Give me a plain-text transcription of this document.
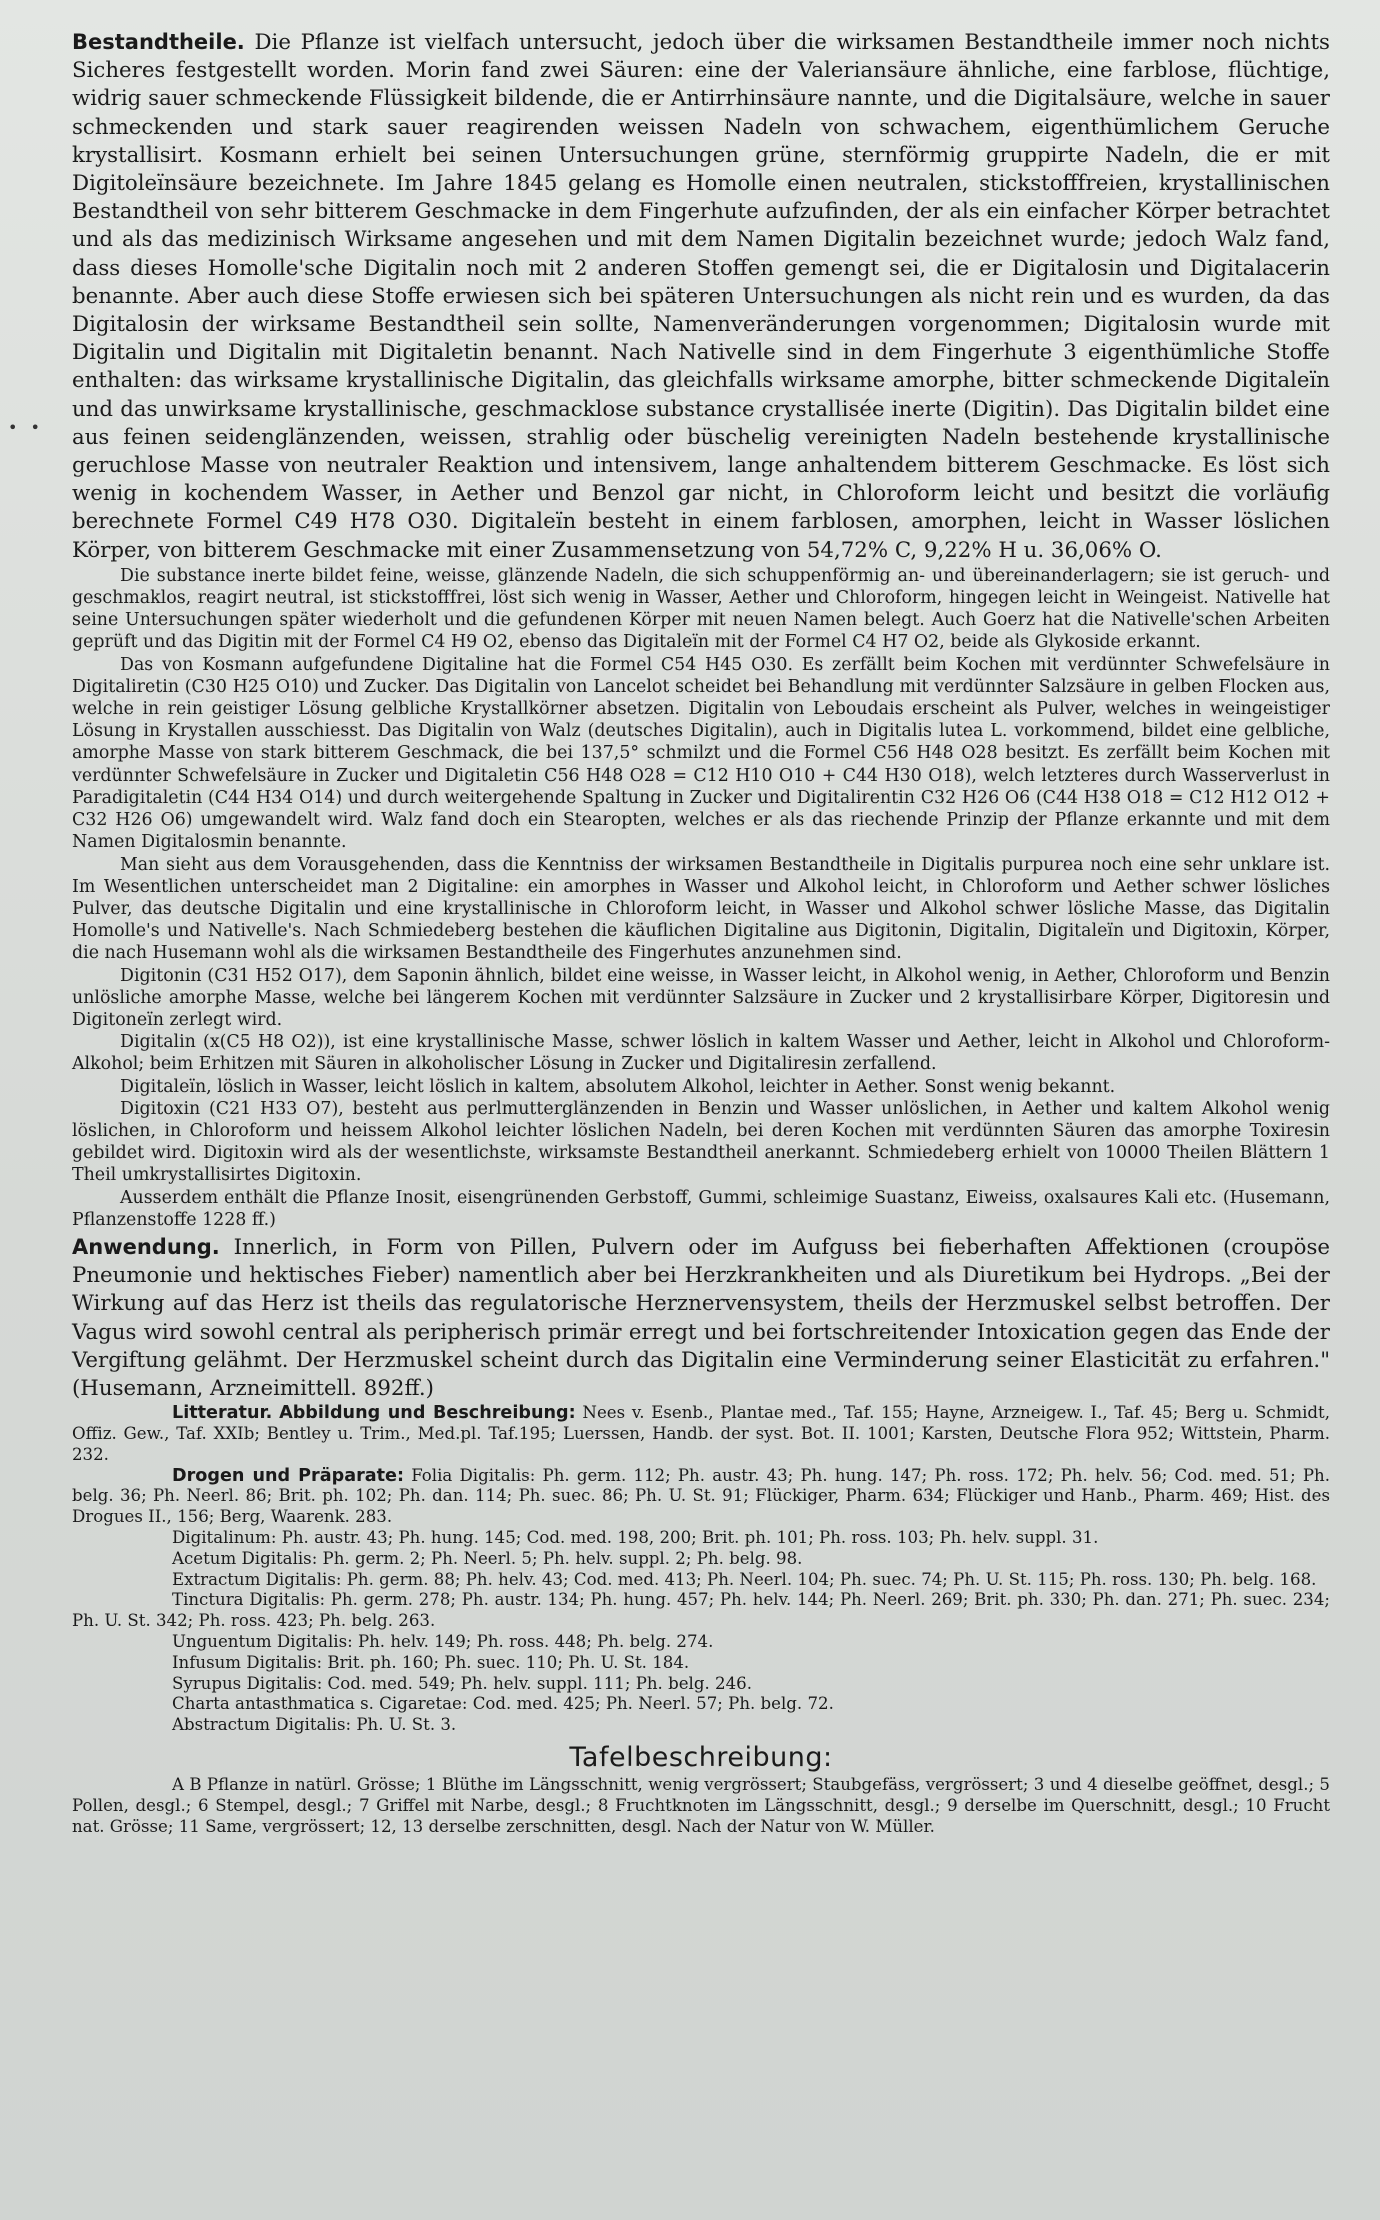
• •

Bestandtheile. Die Pflanze ist vielfach untersucht, jedoch über die wirksamen Bestandtheile immer noch nichts Sicheres festgestellt worden. Morin fand zwei Säuren: eine der Valeriansäure ähnliche, eine farblose, flüchtige, widrig sauer schmeckende Flüssigkeit bildende, die er Antirrhinsäure nannte, und die Digitalsäure, welche in sauer schmeckenden und stark sauer reagirenden weissen Nadeln von schwachem, eigenthümlichem Geruche krystallisirt. Kosmann erhielt bei seinen Untersuchungen grüne, sternförmig gruppirte Nadeln, die er mit Digitoleïnsäure bezeichnete. Im Jahre 1845 gelang es Homolle einen neutralen, stickstofffreien, krystallinischen Bestandtheil von sehr bitterem Geschmacke in dem Fingerhute aufzufinden, der als ein einfacher Körper betrachtet und als das medizinisch Wirksame angesehen und mit dem Namen Digitalin bezeichnet wurde; jedoch Walz fand, dass dieses Homolle'sche Digitalin noch mit 2 anderen Stoffen gemengt sei, die er Digitalosin und Digitalacerin benannte. Aber auch diese Stoffe erwiesen sich bei späteren Untersuchungen als nicht rein und es wurden, da das Digitalosin der wirksame Bestandtheil sein sollte, Namenveränderungen vorgenommen; Digitalosin wurde mit Digitalin und Digitalin mit Digitaletin benannt. Nach Nativelle sind in dem Fingerhute 3 eigenthümliche Stoffe enthalten: das wirksame krystallinische Digitalin, das gleichfalls wirksame amorphe, bitter schmeckende Digitaleïn und das unwirksame krystallinische, geschmacklose substance crystallisée inerte (Digitin). Das Digitalin bildet eine aus feinen seidenglänzenden, weissen, strahlig oder büschelig vereinigten Nadeln bestehende krystallinische geruchlose Masse von neutraler Reaktion und intensivem, lange anhaltendem bitterem Geschmacke. Es löst sich wenig in kochendem Wasser, in Aether und Benzol gar nicht, in Chloroform leicht und besitzt die vorläufig berechnete Formel C49 H78 O30. Digitaleïn besteht in einem farblosen, amorphen, leicht in Wasser löslichen Körper, von bitterem Geschmacke mit einer Zusammensetzung von 54,72% C, 9,22% H u. 36,06% O.

Die substance inerte bildet feine, weisse, glänzende Nadeln, die sich schuppenförmig an- und übereinanderlagern; sie ist geruch- und geschmaklos, reagirt neutral, ist stickstofffrei, löst sich wenig in Wasser, Aether und Chloroform, hingegen leicht in Weingeist. Nativelle hat seine Untersuchungen später wiederholt und die gefundenen Körper mit neuen Namen belegt. Auch Goerz hat die Nativelle'schen Arbeiten geprüft und das Digitin mit der Formel C4 H9 O2, ebenso das Digitaleïn mit der Formel C4 H7 O2, beide als Glykoside erkannt.

Das von Kosmann aufgefundene Digitaline hat die Formel C54 H45 O30. Es zerfällt beim Kochen mit verdünnter Schwefelsäure in Digitaliretin (C30 H25 O10) und Zucker. Das Digitalin von Lancelot scheidet bei Behandlung mit verdünnter Salzsäure in gelben Flocken aus, welche in rein geistiger Lösung gelbliche Krystallkörner absetzen. Digitalin von Leboudais erscheint als Pulver, welches in weingeistiger Lösung in Krystallen ausschiesst. Das Digitalin von Walz (deutsches Digitalin), auch in Digitalis lutea L. vorkommend, bildet eine gelbliche, amorphe Masse von stark bitterem Geschmack, die bei 137,5° schmilzt und die Formel C56 H48 O28 besitzt. Es zerfällt beim Kochen mit verdünnter Schwefelsäure in Zucker und Digitaletin C56 H48 O28 = C12 H10 O10 + C44 H30 O18), welch letzteres durch Wasserverlust in Paradigitaletin (C44 H34 O14) und durch weitergehende Spaltung in Zucker und Digitalirentin C32 H26 O6 (C44 H38 O18 = C12 H12 O12 + C32 H26 O6) umgewandelt wird. Walz fand doch ein Stearopten, welches er als das riechende Prinzip der Pflanze erkannte und mit dem Namen Digitalosmin benannte.

Man sieht aus dem Vorausgehenden, dass die Kenntniss der wirksamen Bestandtheile in Digitalis purpurea noch eine sehr unklare ist. Im Wesentlichen unterscheidet man 2 Digitaline: ein amorphes in Wasser und Alkohol leicht, in Chloroform und Aether schwer lösliches Pulver, das deutsche Digitalin und eine krystallinische in Chloroform leicht, in Wasser und Alkohol schwer lösliche Masse, das Digitalin Homolle's und Nativelle's. Nach Schmiedeberg bestehen die käuflichen Digitaline aus Digitonin, Digitalin, Digitaleïn und Digitoxin, Körper, die nach Husemann wohl als die wirksamen Bestandtheile des Fingerhutes anzunehmen sind.

Digitonin (C31 H52 O17), dem Saponin ähnlich, bildet eine weisse, in Wasser leicht, in Alkohol wenig, in Aether, Chloroform und Benzin unlösliche amorphe Masse, welche bei längerem Kochen mit verdünnter Salzsäure in Zucker und 2 krystallisirbare Körper, Digitoresin und Digitoneïn zerlegt wird.

Digitalin (x(C5 H8 O2)), ist eine krystallinische Masse, schwer löslich in kaltem Wasser und Aether, leicht in Alkohol und Chloroform-Alkohol; beim Erhitzen mit Säuren in alkoholischer Lösung in Zucker und Digitaliresin zerfallend.

Digitaleïn, löslich in Wasser, leicht löslich in kaltem, absolutem Alkohol, leichter in Aether. Sonst wenig bekannt.

Digitoxin (C21 H33 O7), besteht aus perlmutterglänzenden in Benzin und Wasser unlöslichen, in Aether und kaltem Alkohol wenig löslichen, in Chloroform und heissem Alkohol leichter löslichen Nadeln, bei deren Kochen mit verdünnten Säuren das amorphe Toxiresin gebildet wird. Digitoxin wird als der wesentlichste, wirksamste Bestandtheil anerkannt. Schmiedeberg erhielt von 10000 Theilen Blättern 1 Theil umkrystallisirtes Digitoxin.

Ausserdem enthält die Pflanze Inosit, eisengrünenden Gerbstoff, Gummi, schleimige Suastanz, Eiweiss, oxalsaures Kali etc. (Husemann, Pflanzenstoffe 1228 ff.)

Anwendung. Innerlich, in Form von Pillen, Pulvern oder im Aufguss bei fieberhaften Affektionen (croupöse Pneumonie und hektisches Fieber) namentlich aber bei Herzkrankheiten und als Diuretikum bei Hydrops. „Bei der Wirkung auf das Herz ist theils das regulatorische Herznervensystem, theils der Herzmuskel selbst betroffen. Der Vagus wird sowohl central als peripherisch primär erregt und bei fortschreitender Intoxication gegen das Ende der Vergiftung gelähmt. Der Herzmuskel scheint durch das Digitalin eine Verminderung seiner Elasticität zu erfahren." (Husemann, Arzneimittell. 892ff.)

Litteratur. Abbildung und Beschreibung: Nees v. Esenb., Plantae med., Taf. 155; Hayne, Arzneigew. I., Taf. 45; Berg u. Schmidt, Offiz. Gew., Taf. XXIb; Bentley u. Trim., Med.pl. Taf.195; Luerssen, Handb. der syst. Bot. II. 1001; Karsten, Deutsche Flora 952; Wittstein, Pharm. 232.

Drogen und Präparate: Folia Digitalis: Ph. germ. 112; Ph. austr. 43; Ph. hung. 147; Ph. ross. 172; Ph. helv. 56; Cod. med. 51; Ph. belg. 36; Ph. Neerl. 86; Brit. ph. 102; Ph. dan. 114; Ph. suec. 86; Ph. U. St. 91; Flückiger, Pharm. 634; Flückiger und Hanb., Pharm. 469; Hist. des Drogues II., 156; Berg, Waarenk. 283.

Digitalinum: Ph. austr. 43; Ph. hung. 145; Cod. med. 198, 200; Brit. ph. 101; Ph. ross. 103; Ph. helv. suppl. 31.

Acetum Digitalis: Ph. germ. 2; Ph. Neerl. 5; Ph. helv. suppl. 2; Ph. belg. 98.

Extractum Digitalis: Ph. germ. 88; Ph. helv. 43; Cod. med. 413; Ph. Neerl. 104; Ph. suec. 74; Ph. U. St. 115; Ph. ross. 130; Ph. belg. 168.

Tinctura Digitalis: Ph. germ. 278; Ph. austr. 134; Ph. hung. 457; Ph. helv. 144; Ph. Neerl. 269; Brit. ph. 330; Ph. dan. 271; Ph. suec. 234; Ph. U. St. 342; Ph. ross. 423; Ph. belg. 263.

Unguentum Digitalis: Ph. helv. 149; Ph. ross. 448; Ph. belg. 274.

Infusum Digitalis: Brit. ph. 160; Ph. suec. 110; Ph. U. St. 184.

Syrupus Digitalis: Cod. med. 549; Ph. helv. suppl. 111; Ph. belg. 246.

Charta antasthmatica s. Cigaretae: Cod. med. 425; Ph. Neerl. 57; Ph. belg. 72.

Abstractum Digitalis: Ph. U. St. 3.

Tafelbeschreibung:

A B Pflanze in natürl. Grösse; 1 Blüthe im Längsschnitt, wenig vergrössert; Staubgefäss, vergrössert; 3 und 4 dieselbe geöffnet, desgl.; 5 Pollen, desgl.; 6 Stempel, desgl.; 7 Griffel mit Narbe, desgl.; 8 Fruchtknoten im Längsschnitt, desgl.; 9 derselbe im Querschnitt, desgl.; 10 Frucht nat. Grösse; 11 Same, vergrössert; 12, 13 derselbe zerschnitten, desgl. Nach der Natur von W. Müller.
